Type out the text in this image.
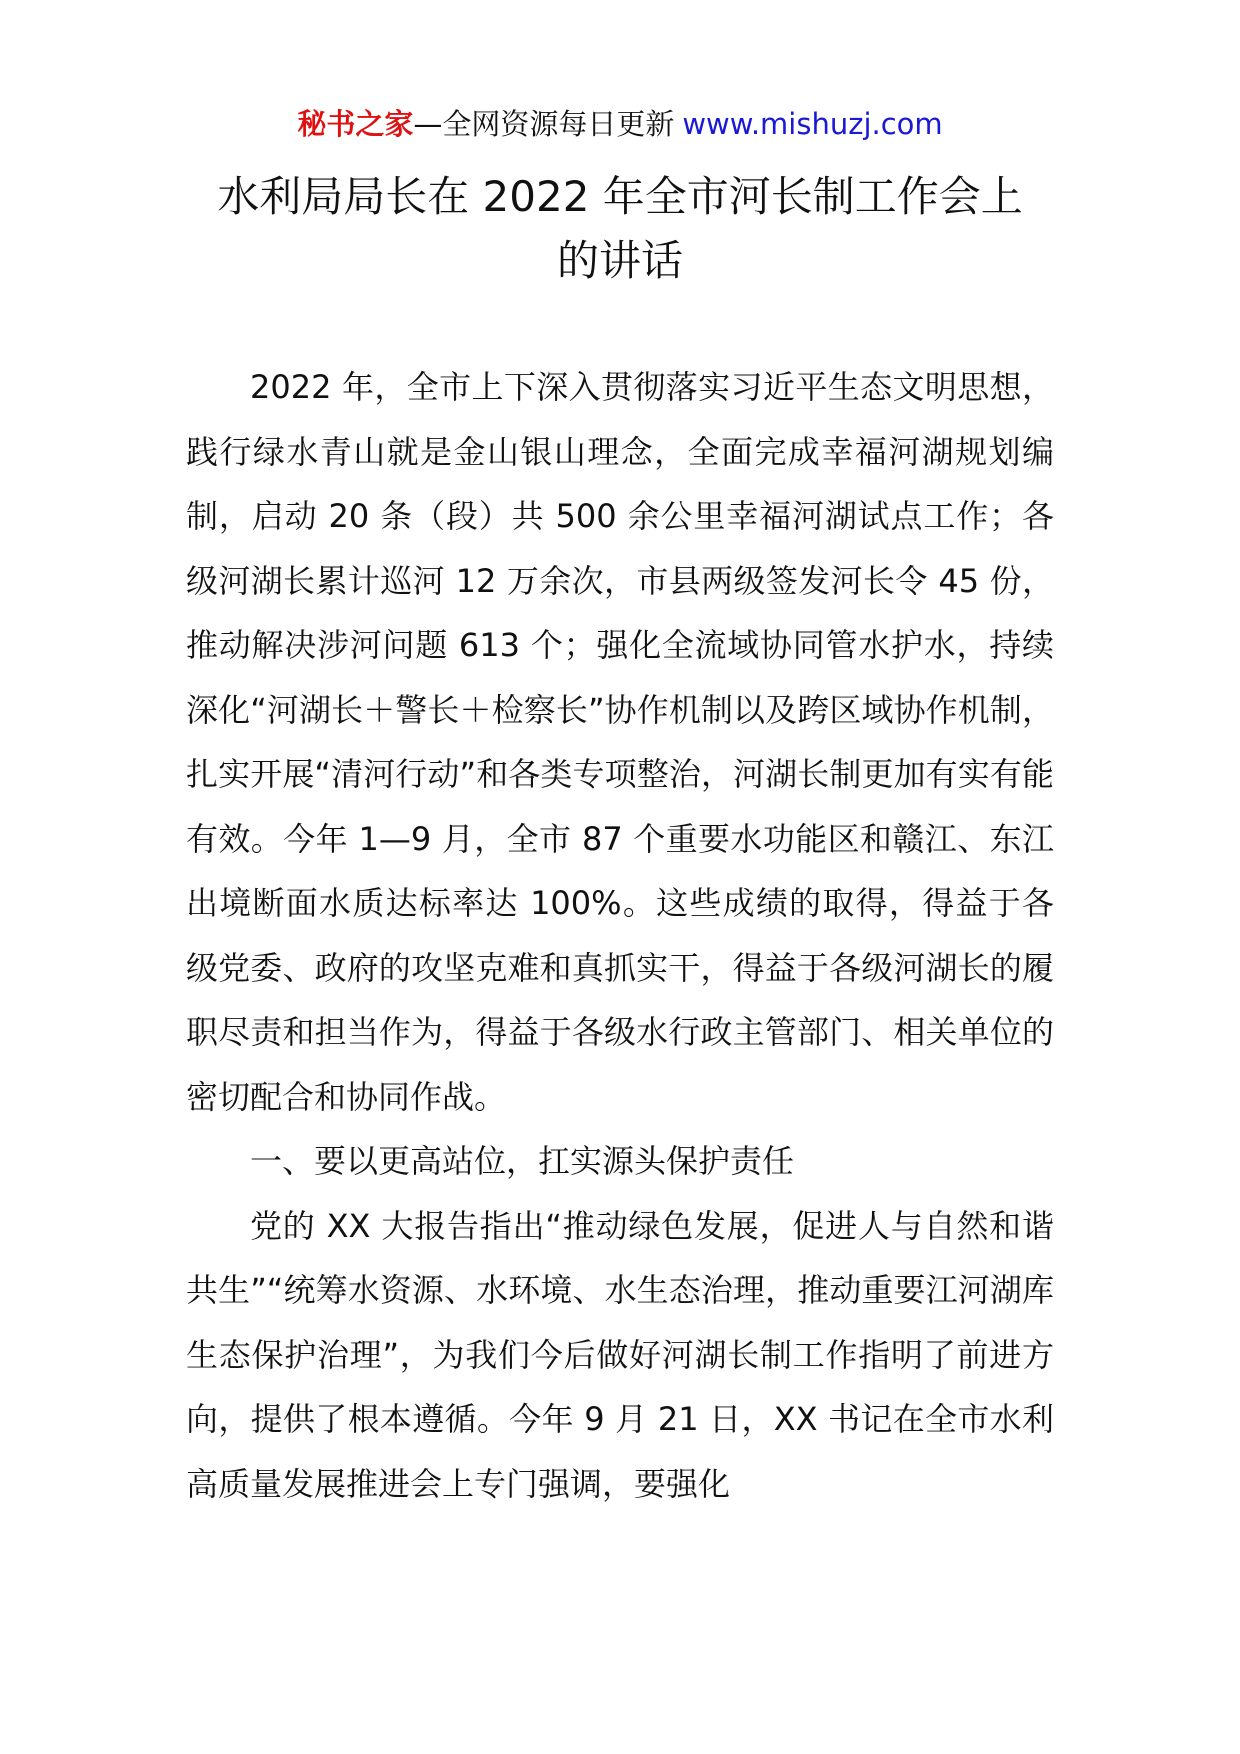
秘书之家—全网资源每日更新 www.mishuzj.com
水利局局长在 2022 年全市河长制工作会上
的讲话

2022 年，全市上下深入贯彻落实习近平生态文明思想，践行绿水青山就是金山银山理念，全面完成幸福河湖规划编制，启动 20 条（段）共 500 余公里幸福河湖试点工作；各级河湖长累计巡河 12 万余次，市县两级签发河长令 45 份，推动解决涉河问题 613 个；强化全流域协同管水护水，持续深化“河湖长＋警长＋检察长”协作机制以及跨区域协作机制，扎实开展“清河行动”和各类专项整治，河湖长制更加有实有能有效。今年 1—9 月，全市 87 个重要水功能区和赣江、东江出境断面水质达标率达 100%。这些成绩的取得，得益于各级党委、政府的攻坚克难和真抓实干，得益于各级河湖长的履职尽责和担当作为，得益于各级水行政主管部门、相关单位的密切配合和协同作战。

一、要以更高站位，扛实源头保护责任

党的 XX 大报告指出“推动绿色发展，促进人与自然和谐共生”“统筹水资源、水环境、水生态治理，推动重要江河湖库生态保护治理”，为我们今后做好河湖长制工作指明了前进方向，提供了根本遵循。今年 9 月 21 日，XX 书记在全市水利高质量发展推进会上专门强调，要强化
